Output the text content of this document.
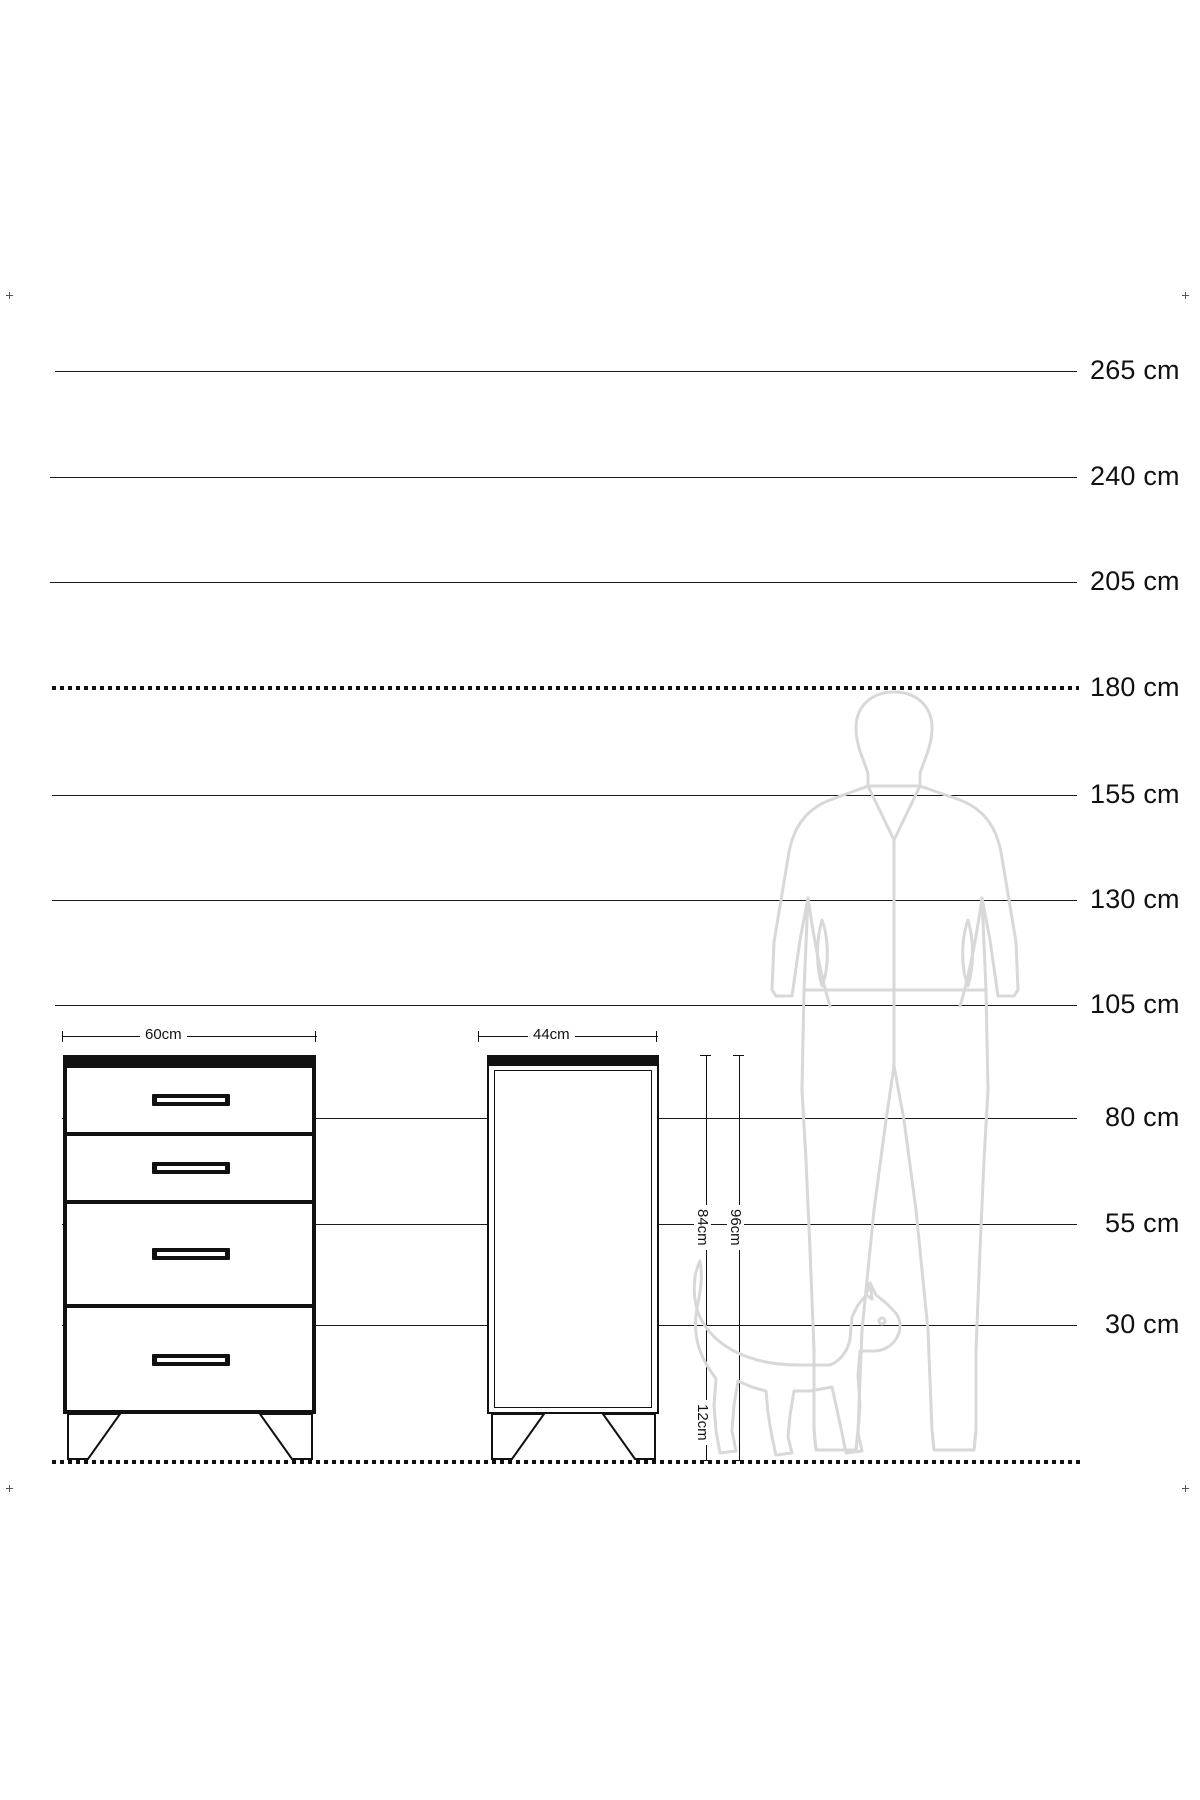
265 cm
240 cm
205 cm
180 cm
155 cm
130 cm
105 cm
80 cm
55 cm
30 cm
60cm	44cm
84cm 96cm
12cm
